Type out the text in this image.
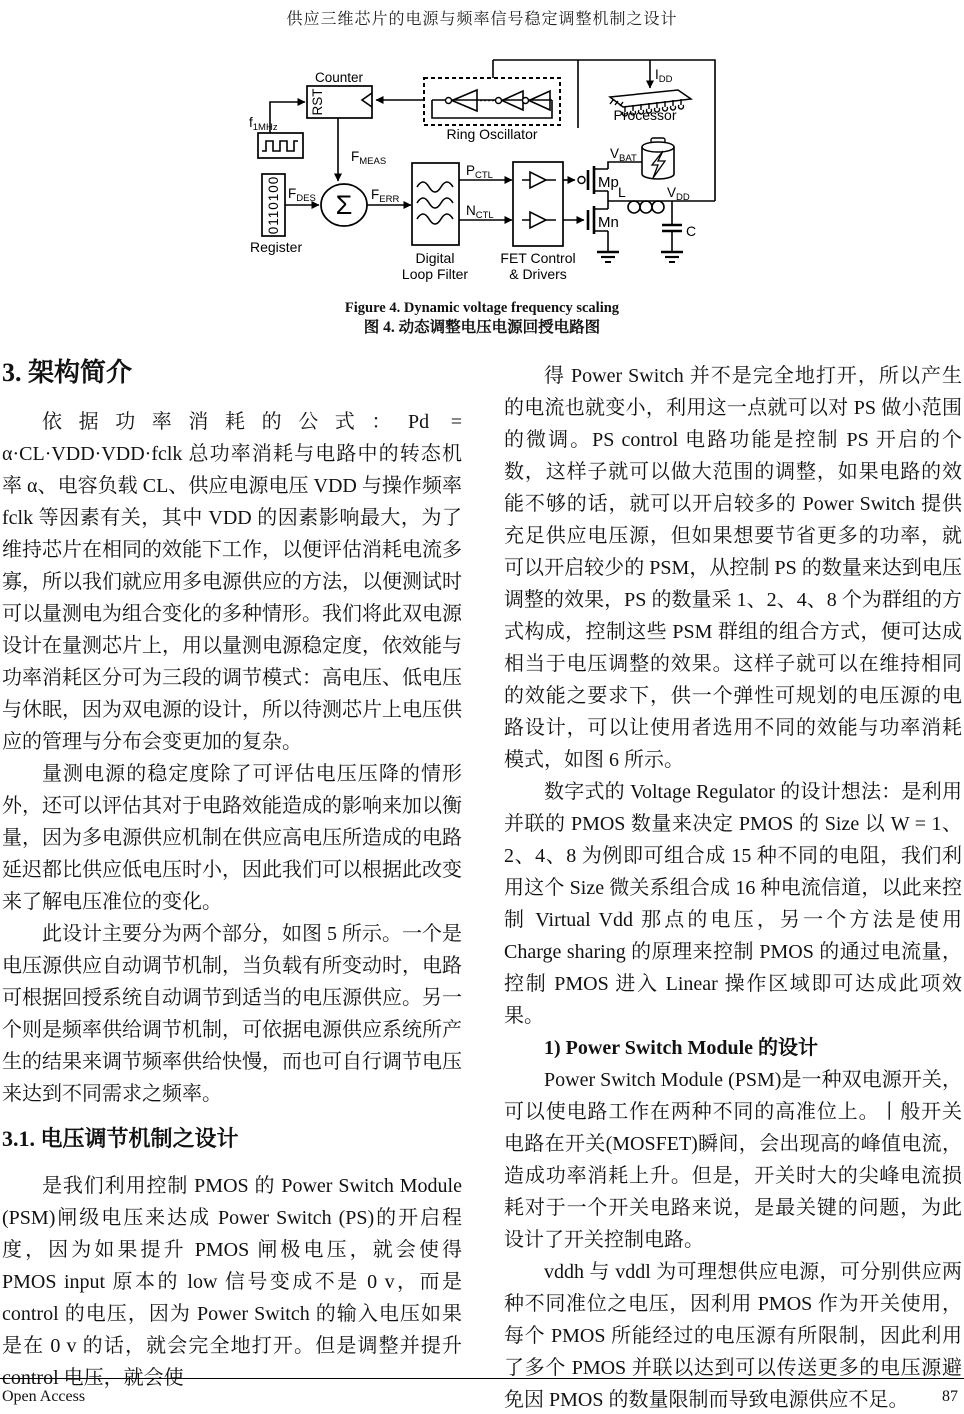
供应三维芯片的电源与频率信号稳定调整机制之设计
$I_{DD}$
Processor
Ring Oscillator
Counter
RST
$f_{1MHz}$
0110100
Register
$F_{MEAS}$
$F_{DES}$ Σ $F_{ERR}$
Digital
Loop Filter
$P_{CTL}$
$N_{CTL}$
FET Control
& Drivers
Mp
Mn
$V_{BAT}$
L	$V_{DD}$
C
Figure 4. Dynamic voltage frequency scaling
图 4. 动态调整电压电源回授电路图
3. 架构简介

依据功率消耗的公式：Pd = α·CL·VDD·VDD·fclk 总功率消耗与电路中的转态机率 α、电容负载 CL、供应电源电压 VDD 与操作频率 fclk 等因素有关，其中 VDD 的因素影响最大，为了维持芯片在相同的效能下工作，以便评估消耗电流多寡，所以我们就应用多电源供应的方法，以便测试时可以量测电为组合变化的多种情形。我们将此双电源设计在量测芯片上，用以量测电源稳定度，依效能与功率消耗区分可为三段的调节模式：高电压、低电压与休眠，因为双电源的设计，所以待测芯片上电压供应的管理与分布会变更加的复杂。

量测电源的稳定度除了可评估电压压降的情形外，还可以评估其对于电路效能造成的影响来加以衡量，因为多电源供应机制在供应高电压所造成的电路延迟都比供应低电压时小，因此我们可以根据此改变来了解电压准位的变化。

此设计主要分为两个部分，如图 5 所示。一个是电压源供应自动调节机制，当负载有所变动时，电路可根据回授系统自动调节到适当的电压源供应。另一个则是频率供给调节机制，可依据电源供应系统所产生的结果来调节频率供给快慢，而也可自行调节电压来达到不同需求之频率。

3.1. 电压调节机制之设计

是我们利用控制 PMOS 的 Power Switch Module (PSM)闸级电压来达成 Power Switch (PS)的开启程度，因为如果提升 PMOS 闸极电压，就会使得 PMOS input 原本的 low 信号变成不是 0 v，而是 control 的电压，因为 Power Switch 的输入电压如果是在 0 v 的话，就会完全地打开。但是调整并提升 control 电压，就会使

得 Power Switch 并不是完全地打开，所以产生的电流也就变小，利用这一点就可以对 PS 做小范围的微调。PS control 电路功能是控制 PS 开启的个数，这样子就可以做大范围的调整，如果电路的效能不够的话，就可以开启较多的 Power Switch 提供充足供应电压源，但如果想要节省更多的功率，就可以开启较少的 PSM，从控制 PS 的数量来达到电压调整的效果，PS 的数量采 1、2、4、8 个为群组的方式构成，控制这些 PSM 群组的组合方式，便可达成相当于电压调整的效果。这样子就可以在维持相同的效能之要求下，供一个弹性可规划的电压源的电路设计，可以让使用者选用不同的效能与功率消耗模式，如图 6 所示。

数字式的 Voltage Regulator 的设计想法：是利用并联的 PMOS 数量来决定 PMOS 的 Size 以 W = 1、2、4、8 为例即可组合成 15 种不同的电阻，我们利用这个 Size 微关系组合成 16 种电流信道，以此来控制 Virtual Vdd 那点的电压，另一个方法是使用 Charge sharing 的原理来控制 PMOS 的通过电流量，控制 PMOS 进入 Linear 操作区域即可达成此项效果。

1) Power Switch Module 的设计

Power Switch Module (PSM)是一种双电源开关，可以使电路工作在两种不同的高准位上。丨般开关电路在开关(MOSFET)瞬间，会出现高的峰值电流，造成功率消耗上升。但是，开关时大的尖峰电流损耗对于一个开关电路来说，是最关键的问题，为此设计了开关控制电路。

vddh 与 vddl 为可理想供应电源，可分别供应两种不同准位之电压，因利用 PMOS 作为开关使用，每个 PMOS 所能经过的电压源有所限制，因此利用了多个 PMOS 并联以达到可以传送更多的电压源避免因 PMOS 的数量限制而导致电源供应不足。

Open Access	87
